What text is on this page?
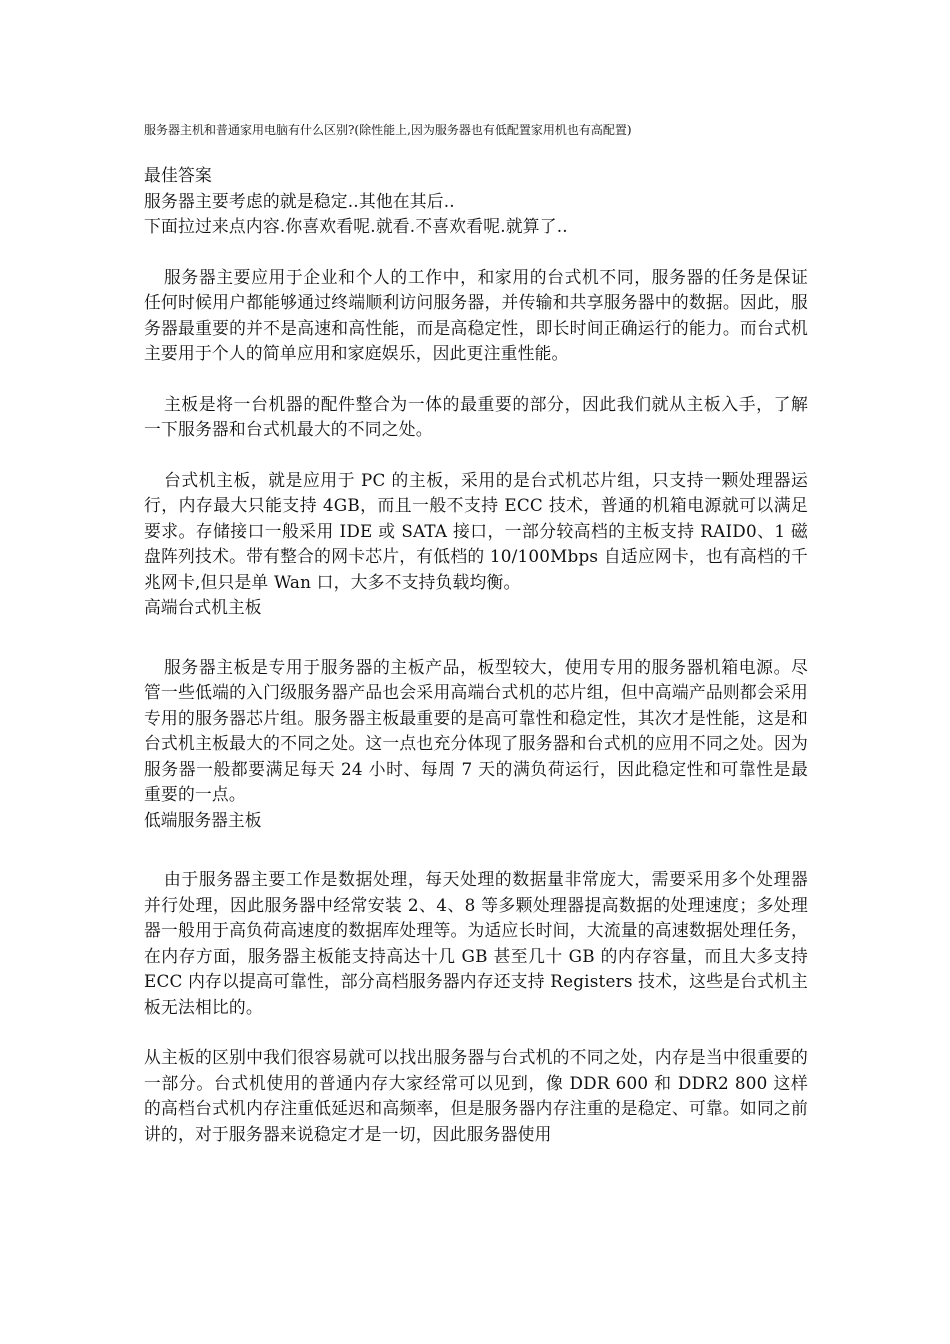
服务器主机和普通家用电脑有什么区别?(除性能上,因为服务器也有低配置家用机也有高配置)

最佳答案

服务器主要考虑的就是稳定..其他在其后..

下面拉过来点内容.你喜欢看呢.就看.不喜欢看呢.就算了..

服务器主要应用于企业和个人的工作中，和家用的台式机不同，服务器的任务是保证任何时候用户都能够通过终端顺利访问服务器，并传输和共享服务器中的数据。因此，服务器最重要的并不是高速和高性能，而是高稳定性，即长时间正确运行的能力。而台式机主要用于个人的简单应用和家庭娱乐，因此更注重性能。

主板是将一台机器的配件整合为一体的最重要的部分，因此我们就从主板入手，了解一下服务器和台式机最大的不同之处。

台式机主板，就是应用于 PC 的主板，采用的是台式机芯片组，只支持一颗处理器运行，内存最大只能支持 4GB，而且一般不支持 ECC 技术，普通的机箱电源就可以满足要求。存储接口一般采用 IDE 或 SATA 接口，一部分较高档的主板支持 RAID0、1 磁盘阵列技术。带有整合的网卡芯片，有低档的 10/100Mbps 自适应网卡，也有高档的千兆网卡,但只是单 Wan 口，大多不支持负载均衡。

高端台式机主板

服务器主板是专用于服务器的主板产品，板型较大，使用专用的服务器机箱电源。尽管一些低端的入门级服务器产品也会采用高端台式机的芯片组，但中高端产品则都会采用专用的服务器芯片组。服务器主板最重要的是高可靠性和稳定性，其次才是性能，这是和台式机主板最大的不同之处。这一点也充分体现了服务器和台式机的应用不同之处。因为服务器一般都要满足每天 24 小时、每周 7 天的满负荷运行，因此稳定性和可靠性是最重要的一点。

低端服务器主板

由于服务器主要工作是数据处理，每天处理的数据量非常庞大，需要采用多个处理器并行处理，因此服务器中经常安装 2、4、8 等多颗处理器提高数据的处理速度；多处理器一般用于高负荷高速度的数据库处理等。为适应长时间，大流量的高速数据处理任务，在内存方面，服务器主板能支持高达十几 GB 甚至几十 GB 的内存容量，而且大多支持 ECC 内存以提高可靠性，部分高档服务器内存还支持 Registers 技术，这些是台式机主板无法相比的。

从主板的区别中我们很容易就可以找出服务器与台式机的不同之处，内存是当中很重要的一部分。台式机使用的普通内存大家经常可以见到，像 DDR 600 和 DDR2 800 这样的高档台式机内存注重低延迟和高频率，但是服务器内存注重的是稳定、可靠。如同之前讲的，对于服务器来说稳定才是一切，因此服务器使用
